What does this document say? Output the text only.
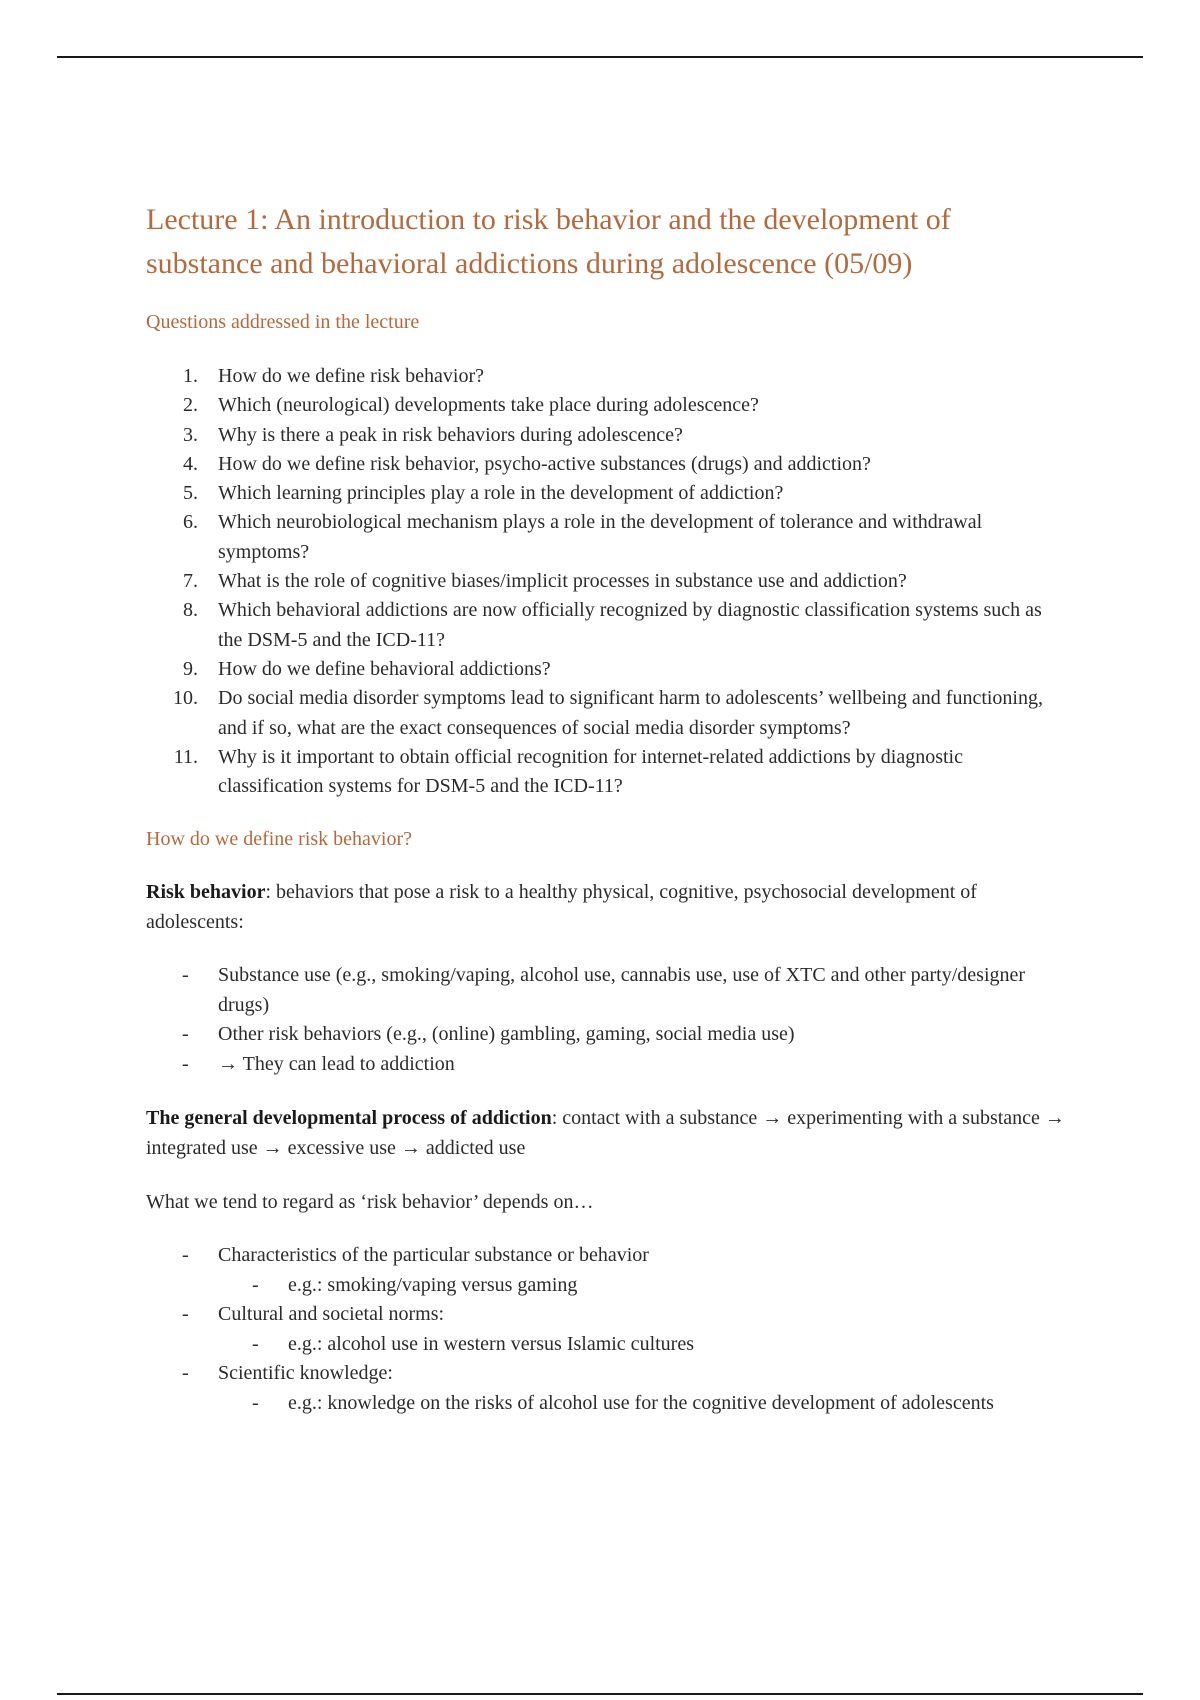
Lecture 1: An introduction to risk behavior and the development of substance and behavioral addictions during adolescence (05/09)
Questions addressed in the lecture
1. How do we define risk behavior?
2. Which (neurological) developments take place during adolescence?
3. Why is there a peak in risk behaviors during adolescence?
4. How do we define risk behavior, psycho-active substances (drugs) and addiction?
5. Which learning principles play a role in the development of addiction?
6. Which neurobiological mechanism plays a role in the development of tolerance and withdrawal symptoms?
7. What is the role of cognitive biases/implicit processes in substance use and addiction?
8. Which behavioral addictions are now officially recognized by diagnostic classification systems such as the DSM-5 and the ICD-11?
9. How do we define behavioral addictions?
10. Do social media disorder symptoms lead to significant harm to adolescents’ wellbeing and functioning, and if so, what are the exact consequences of social media disorder symptoms?
11. Why is it important to obtain official recognition for internet-related addictions by diagnostic classification systems for DSM-5 and the ICD-11?
How do we define risk behavior?

Risk behavior: behaviors that pose a risk to a healthy physical, cognitive, psychosocial development of adolescents:

- Substance use (e.g., smoking/vaping, alcohol use, cannabis use, use of XTC and other party/designer drugs)
- Other risk behaviors (e.g., (online) gambling, gaming, social media use)
- → They can lead to addiction

The general developmental process of addiction: contact with a substance → experimenting with a substance → integrated use → excessive use → addicted use

What we tend to regard as ‘risk behavior’ depends on…

- Characteristics of the particular substance or behavior
- e.g.: smoking/vaping versus gaming
- Cultural and societal norms:
- e.g.: alcohol use in western versus Islamic cultures
- Scientific knowledge:
- e.g.: knowledge on the risks of alcohol use for the cognitive development of adolescents
